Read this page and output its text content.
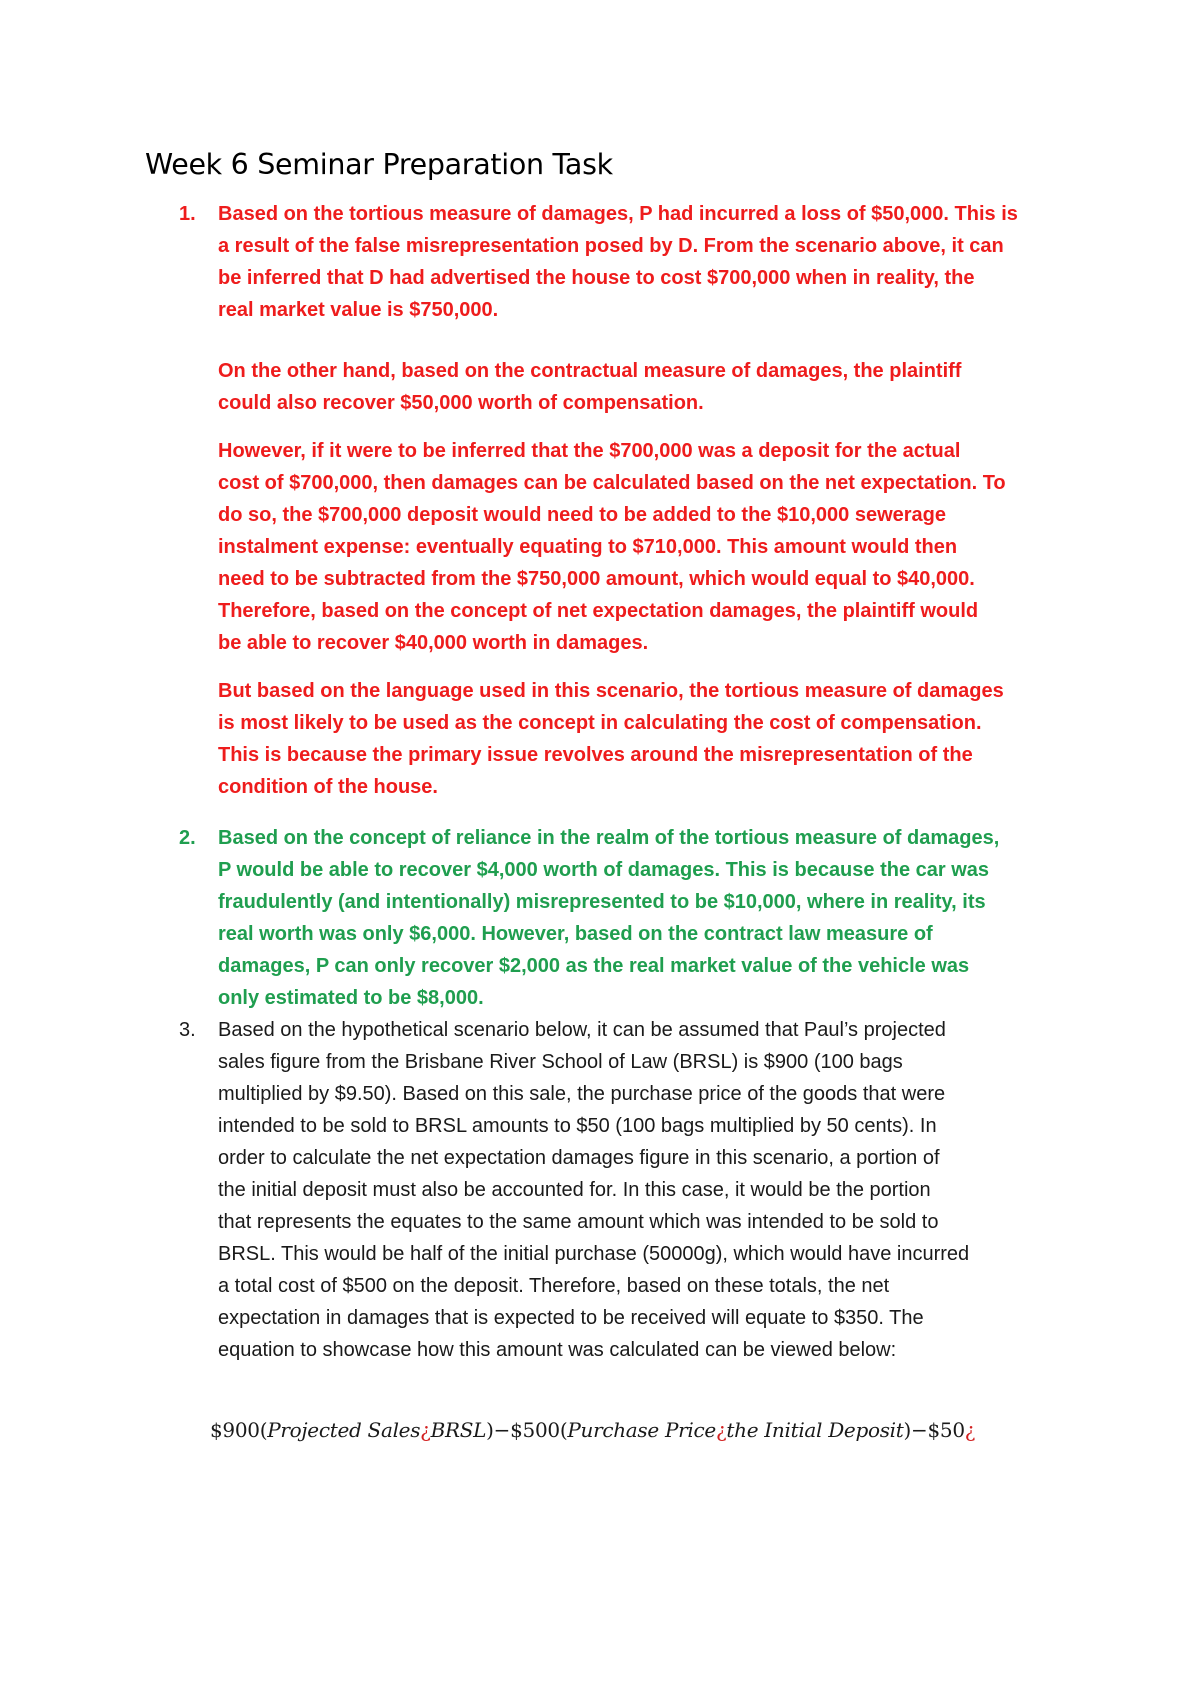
Week 6 Seminar Preparation Task
1. Based on the tortious measure of damages, P had incurred a loss of $50,000. This is
a result of the false misrepresentation posed by D. From the scenario above, it can
be inferred that D had advertised the house to cost $700,000 when in reality, the
real market value is $750,000.

On the other hand, based on the contractual measure of damages, the plaintiff
could also recover $50,000 worth of compensation.

However, if it were to be inferred that the $700,000 was a deposit for the actual
cost of $700,000, then damages can be calculated based on the net expectation. To
do so, the $700,000 deposit would need to be added to the $10,000 sewerage
instalment expense: eventually equating to $710,000. This amount would then
need to be subtracted from the $750,000 amount, which would equal to $40,000.
Therefore, based on the concept of net expectation damages, the plaintiff would
be able to recover $40,000 worth in damages.

But based on the language used in this scenario, the tortious measure of damages
is most likely to be used as the concept in calculating the cost of compensation.
This is because the primary issue revolves around the misrepresentation of the
condition of the house.

2. Based on the concept of reliance in the realm of the tortious measure of damages,
P would be able to recover $4,000 worth of damages. This is because the car was
fraudulently (and intentionally) misrepresented to be $10,000, where in reality, its
real worth was only $6,000. However, based on the contract law measure of
damages, P can only recover $2,000 as the real market value of the vehicle was
only estimated to be $8,000.

3. Based on the hypothetical scenario below, it can be assumed that Paul’s projected
sales figure from the Brisbane River School of Law (BRSL) is $900 (100 bags
multiplied by $9.50). Based on this sale, the purchase price of the goods that were
intended to be sold to BRSL amounts to $50 (100 bags multiplied by 50 cents). In
order to calculate the net expectation damages figure in this scenario, a portion of
the initial deposit must also be accounted for. In this case, it would be the portion
that represents the equates to the same amount which was intended to be sold to
BRSL. This would be half of the initial purchase (50000g), which would have incurred
a total cost of $500 on the deposit. Therefore, based on these totals, the net
expectation in damages that is expected to be received will equate to $350. The
equation to showcase how this amount was calculated can be viewed below:

$900(Projected Sales¿BRSL)−$500(Purchase Price¿the Initial Deposit)−$50¿
